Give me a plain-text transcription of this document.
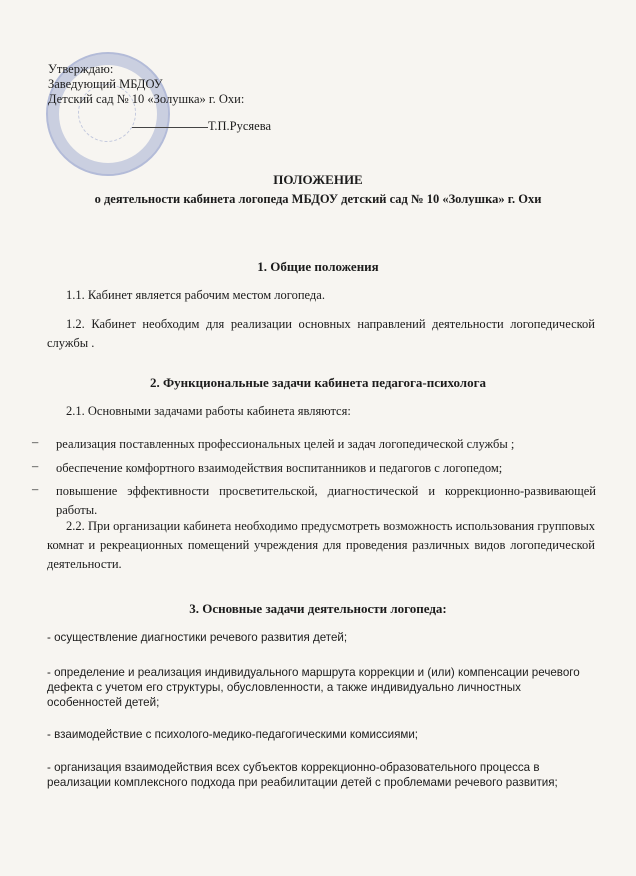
Утверждаю:
Заведующий МБДОУ
Детский сад № 10 «Золушка» г. Охи:
Т.П.Русяева
ПОЛОЖЕНИЕ
о деятельности кабинета логопеда МБДОУ детский сад № 10 «Золушка» г. Охи
1. Общие положения
1.1. Кабинет является рабочим местом логопеда.
1.2. Кабинет необходим для реализации основных направлений деятельности логопедической службы .
2. Функциональные задачи кабинета педагога-психолога
2.1. Основными задачами работы кабинета являются:
– реализация поставленных профессиональных целей и задач логопедической службы ;
– обеспечение комфортного взаимодействия воспитанников и педагогов с логопедом;
– повышение эффективности просветительской, диагностической и коррекционно-развивающей работы.
2.2. При организации кабинета необходимо предусмотреть возможность использования групповых комнат и рекреационных помещений учреждения для проведения различных видов логопедической деятельности.
3. Основные задачи деятельности логопеда:
- осуществление диагностики речевого развития детей;
- определение и реализация индивидуального маршрута коррекции и (или) компенсации речевого дефекта с учетом его структуры, обусловленности, а также индивидуально личностных особенностей детей;
- взаимодействие с психолого-медико-педагогическими комиссиями;
- организация взаимодействия всех субъектов коррекционно-образовательного процесса в реализации комплексного подхода при реабилитации детей с проблемами речевого развития;
